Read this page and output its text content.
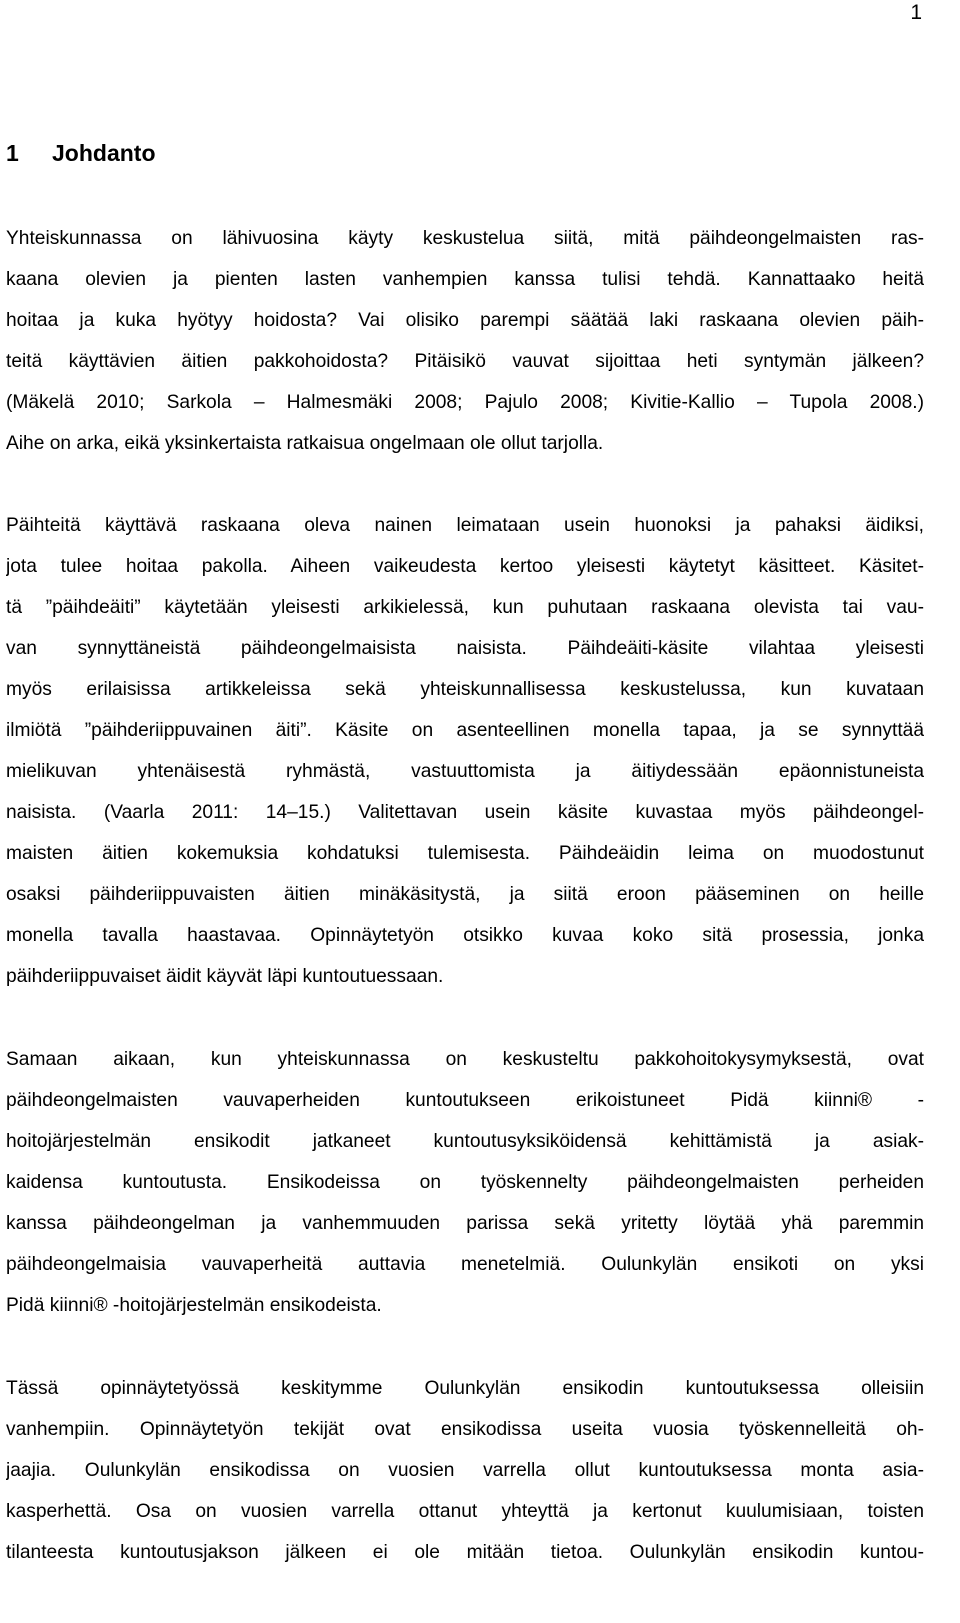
1
1 Johdanto
Yhteiskunnassa on lähivuosina käyty keskustelua siitä, mitä päihdeongelmaisten ras-
kaana olevien ja pienten lasten vanhempien kanssa tulisi tehdä. Kannattaako heitä
hoitaa ja kuka hyötyy hoidosta? Vai olisiko parempi säätää laki raskaana olevien päih-
teitä käyttävien äitien pakkohoidosta? Pitäisikö vauvat sijoittaa heti syntymän jälkeen?
(Mäkelä 2010; Sarkola – Halmesmäki 2008; Pajulo 2008; Kivitie-Kallio – Tupola 2008.)
Aihe on arka, eikä yksinkertaista ratkaisua ongelmaan ole ollut tarjolla.
Päihteitä käyttävä raskaana oleva nainen leimataan usein huonoksi ja pahaksi äidiksi,
jota tulee hoitaa pakolla. Aiheen vaikeudesta kertoo yleisesti käytetyt käsitteet. Käsitet-
tä ”päihdeäiti” käytetään yleisesti arkikielessä, kun puhutaan raskaana olevista tai vau-
van synnyttäneistä päihdeongelmaisista naisista. Päihdeäiti-käsite vilahtaa yleisesti
myös erilaisissa artikkeleissa sekä yhteiskunnallisessa keskustelussa, kun kuvataan
ilmiötä ”päihderiippuvainen äiti”. Käsite on asenteellinen monella tapaa, ja se synnyttää
mielikuvan yhtenäisestä ryhmästä, vastuuttomista ja äitiydessään epäonnistuneista
naisista. (Vaarla 2011: 14–15.) Valitettavan usein käsite kuvastaa myös päihdeongel-
maisten äitien kokemuksia kohdatuksi tulemisesta. Päihdeäidin leima on muodostunut
osaksi päihderiippuvaisten äitien minäkäsitystä, ja siitä eroon pääseminen on heille
monella tavalla haastavaa. Opinnäytetyön otsikko kuvaa koko sitä prosessia, jonka
päihderiippuvaiset äidit käyvät läpi kuntoutuessaan.
Samaan aikaan, kun yhteiskunnassa on keskusteltu pakkohoitokysymyksestä, ovat
päihdeongelmaisten vauvaperheiden kuntoutukseen erikoistuneet Pidä kiinni® -
hoitojärjestelmän ensikodit jatkaneet kuntoutusyksiköidensä kehittämistä ja asiak-
kaidensa kuntoutusta. Ensikodeissa on työskennelty päihdeongelmaisten perheiden
kanssa päihdeongelman ja vanhemmuuden parissa sekä yritetty löytää yhä paremmin
päihdeongelmaisia vauvaperheitä auttavia menetelmiä. Oulunkylän ensikoti on yksi
Pidä kiinni® -hoitojärjestelmän ensikodeista.
Tässä opinnäytetyössä keskitymme Oulunkylän ensikodin kuntoutuksessa olleisiin
vanhempiin. Opinnäytetyön tekijät ovat ensikodissa useita vuosia työskennelleitä oh-
jaajia. Oulunkylän ensikodissa on vuosien varrella ollut kuntoutuksessa monta asia-
kasperhettä. Osa on vuosien varrella ottanut yhteyttä ja kertonut kuulumisiaan, toisten
tilanteesta kuntoutusjakson jälkeen ei ole mitään tietoa. Oulunkylän ensikodin kuntou-
